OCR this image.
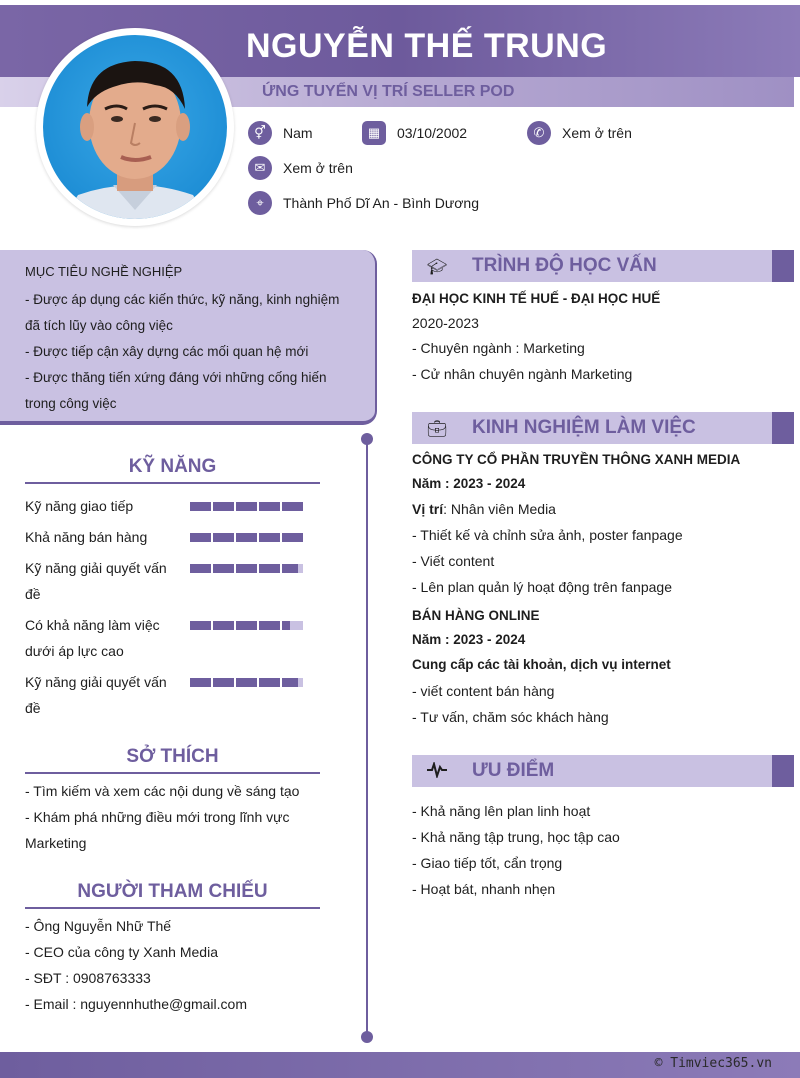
NGUYỄN THẾ TRUNG
ỨNG TUYỂN VỊ TRÍ SELLER POD
⚥	Nam	▦	03/10/2002	✆	Xem ở trên
✉	Xem ở trên
⌖	Thành Phố Dĩ An - Bình Dương
MỤC TIÊU NGHỀ NGHIỆP
- Được áp dụng các kiến thức, kỹ năng, kinh nghiệm
đã tích lũy vào công việc
- Được tiếp cận xây dựng các mối quan hệ mới
- Được thăng tiến xứng đáng với những cống hiến
trong công việc
KỸ NĂNG
Kỹ năng giao tiếp
Khả năng bán hàng
Kỹ năng giải quyết vấn
đề
Có khả năng làm việc
dưới áp lực cao
Kỹ năng giải quyết vấn
đề
SỞ THÍCH
- Tìm kiếm và xem các nội dung về sáng tạo
- Khám phá những điều mới trong lĩnh vực
Marketing
NGƯỜI THAM CHIẾU
- Ông Nguyễn Nhữ Thế
- CEO của công ty Xanh Media
- SĐT : 0908763333
- Email : nguyennhuthe@gmail.com
🎓︎ TRÌNH ĐỘ HỌC VẤN
ĐẠI HỌC KINH TẾ HUẾ - ĐẠI HỌC HUẾ
2020-2023
- Chuyên ngành : Marketing
- Cử nhân chuyên ngành Marketing
💼︎ KINH NGHIỆM LÀM VIỆC
CÔNG TY CỔ PHẦN TRUYỀN THÔNG XANH MEDIA
Năm : 2023 - 2024
Vị trí: Nhân viên Media
- Thiết kế và chỉnh sửa ảnh, poster fanpage
- Viết content
- Lên plan quản lý hoạt động trên fanpage
BÁN HÀNG ONLINE
Năm : 2023 - 2024
Cung cấp các tài khoản, dịch vụ internet
- viết content bán hàng
- Tư vấn, chăm sóc khách hàng
ƯU ĐIỂM
- Khả năng lên plan linh hoạt
- Khả năng tập trung, học tập cao
- Giao tiếp tốt, cẩn trọng
- Hoạt bát, nhanh nhẹn
© Timviec365.vn
